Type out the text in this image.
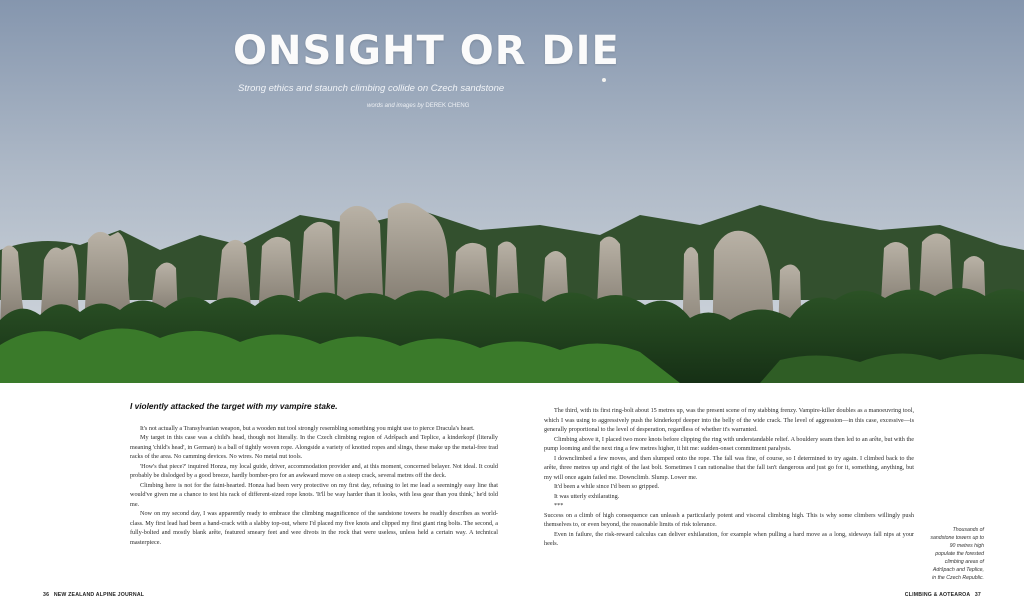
ONSIGHT OR DIE
Strong ethics and staunch climbing collide on Czech sandstone
words and images by DEREK CHENG
I violently attacked the target with my vampire stake.

It's not actually a Transylvanian weapon, but a wooden nut tool strongly resembling something you might use to pierce Dracula's heart.

My target in this case was a child's head, though not literally. In the Czech climbing region of Adršpach and Teplice, a kinderkopf (literally meaning 'child's head', in German) is a ball of tightly woven rope. Alongside a variety of knotted ropes and slings, these make up the metal-free trad racks of the area. No camming devices. No wires. No metal nut tools.

'How's that piece?' inquired Honza, my local guide, driver, accommodation provider and, at this moment, concerned belayer. Not ideal. It could probably be dislodged by a good breeze, hardly bomber-pro for an awkward move on a steep crack, several metres off the deck.

Climbing here is not for the faint-hearted. Honza had been very protective on my first day, refusing to let me lead a seemingly easy line that would've given me a chance to test his rack of different-sized rope knots. 'It'll be way harder than it looks, with less gear than you think,' he'd told me.

Now on my second day, I was apparently ready to embrace the climbing magnificence of the sandstone towers he readily describes as world-class. My first lead had been a hand-crack with a slabby top-out, where I'd placed my five knots and clipped my first giant ring bolts. The second, a fully-bolted and mostly blank arête, featured smeary feet and wee divots in the rock that were useless, unless held a certain way. A technical masterpiece.

The third, with its first ring-bolt about 15 metres up, was the present scene of my stabbing frenzy. Vampire-killer doubles as a manoeuvring tool, which I was using to aggressively push the kinderkopf deeper into the belly of the wide crack. The level of aggression—in this case, excessive—is generally proportional to the level of desperation, regardless of whether it's warranted.

Climbing above it, I placed two more knots before clipping the ring with understandable relief. A bouldery seam then led to an arête, but with the pump looming and the next ring a few metres higher, it hit me: sudden-onset commitment paralysis.

I downclimbed a few moves, and then slumped onto the rope. The fall was fine, of course, so I determined to try again. I climbed back to the arête, three metres up and right of the last bolt. Sometimes I can rationalise that the fall isn't dangerous and just go for it, something, anything, but my will once again failed me. Downclimb. Slump. Lower me.

It'd been a while since I'd been so gripped.

It was utterly exhilarating.

***

Success on a climb of high consequence can unleash a particularly potent and visceral climbing high. This is why some climbers willingly push themselves to, or even beyond, the reasonable limits of risk tolerance.

Even in failure, the risk-reward calculus can deliver exhilaration, for example when pulling a hard move as a long, sideways fall nips at your heels.

Thousands of sandstone towers up to 90 metres high populate the forested climbing areas of Adršpach and Teplice, in the Czech Republic.
36 NEW ZEALAND ALPINE JOURNAL	CLIMBING & AOTEAROA 37
